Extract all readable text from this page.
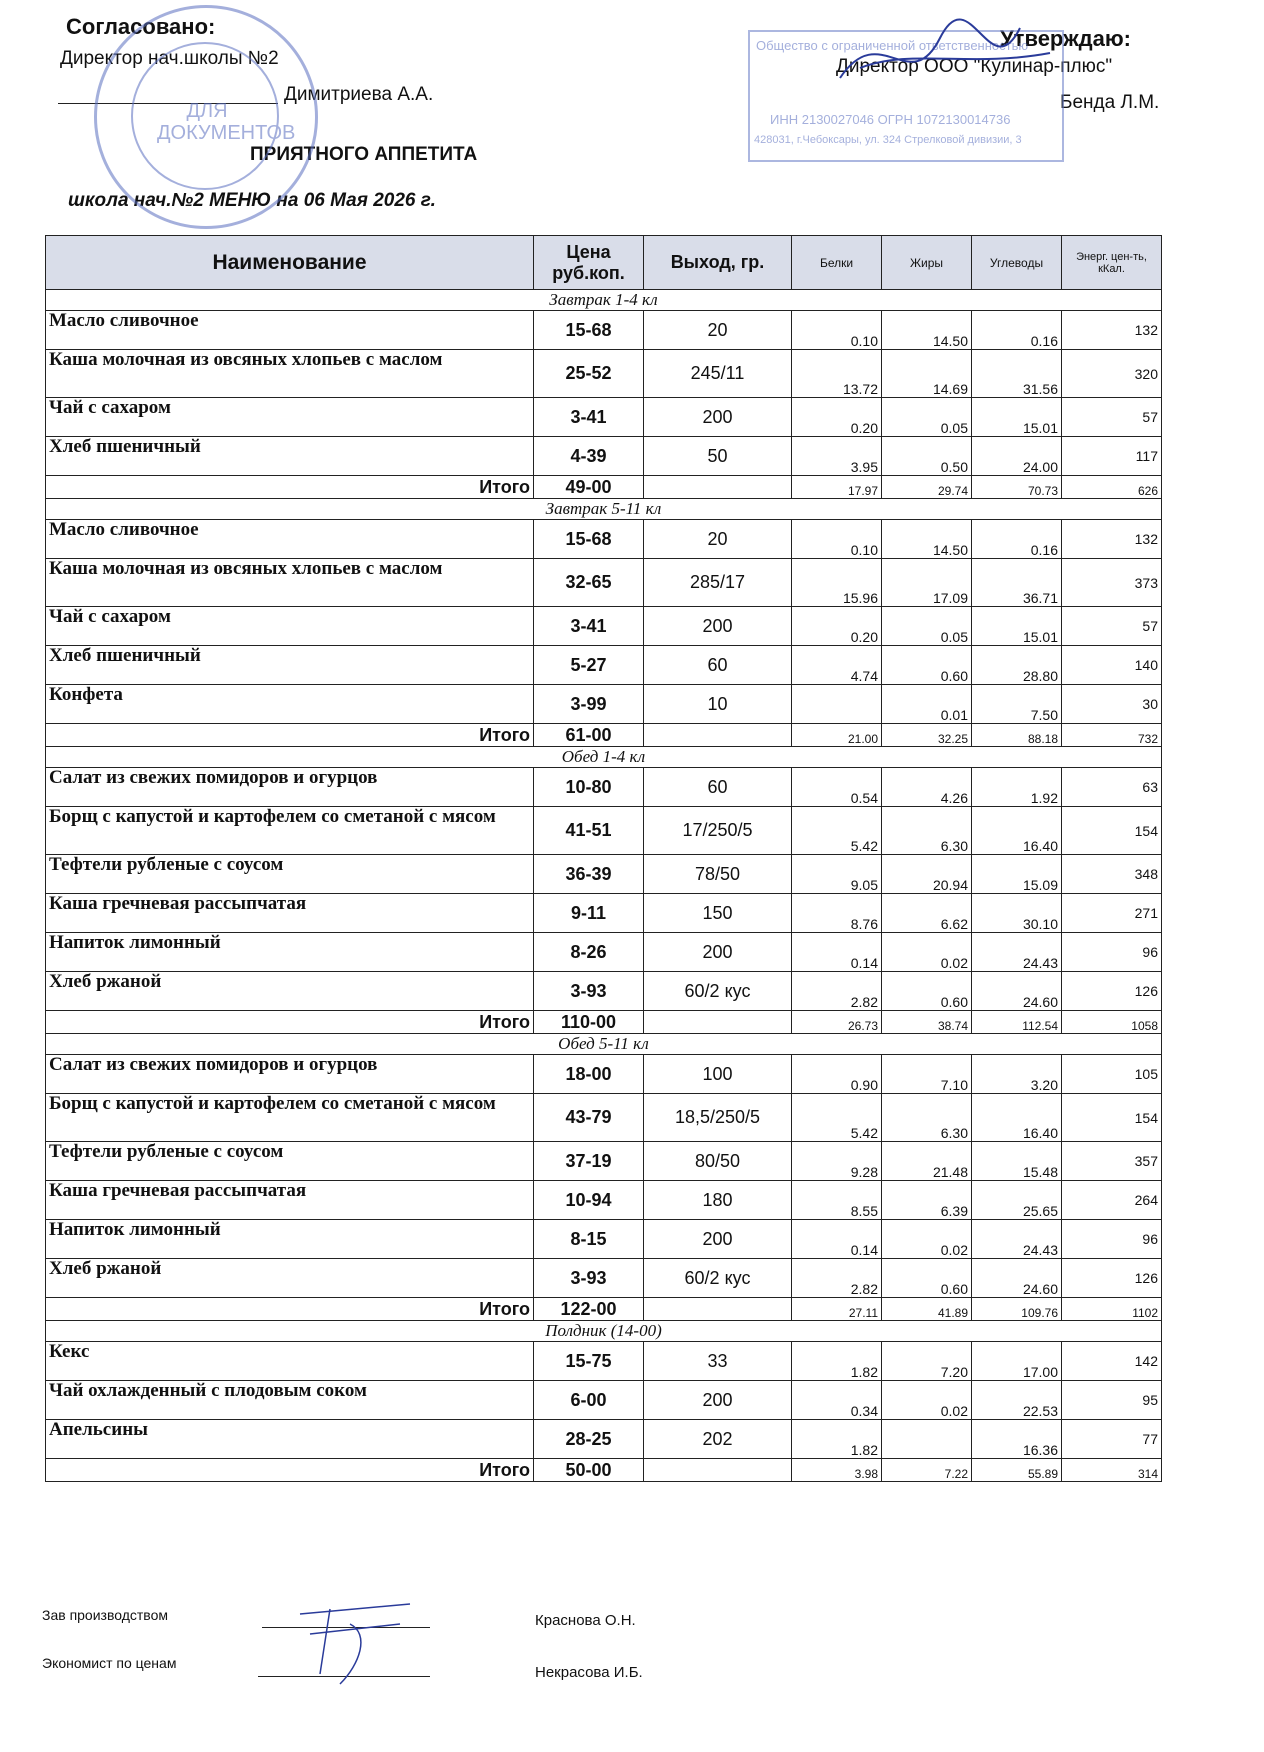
Согласовано:
Директор нач.школы №2
Димитриева А.А.
Утверждаю:
Директор ООО "Кулинар-плюс"
Бенда Л.М.
ПРИЯТНОГО АППЕТИТА
школа нач.№2 МЕНЮ на 06 Мая 2026 г.
ДЛЯ
ДОКУМЕНТОВ
Общество с ограниченной ответственностью
ИНН 2130027046 ОГРН 1072130014736
428031, г.Чебоксары, ул. 324 Стрелковой дивизии, 3
Наименование	Цена руб.коп.	Выход, гр.	Белки	Жиры	Углеводы	Энерг. цен-ть, кКал.
Завтрак 1-4 кл						
Масло сливочное	15-68	20	0.10	14.50	0.16	132
Каша молочная из овсяных хлопьев с маслом	25-52	245/11	13.72	14.69	31.56	320
Чай с сахаром	3-41	200	0.20	0.05	15.01	57
Хлеб пшеничный	4-39	50	3.95	0.50	24.00	117
Итого	49-00		17.97	29.74	70.73	626
Завтрак 5-11 кл						
Масло сливочное	15-68	20	0.10	14.50	0.16	132
Каша молочная из овсяных хлопьев с маслом	32-65	285/17	15.96	17.09	36.71	373
Чай с сахаром	3-41	200	0.20	0.05	15.01	57
Хлеб пшеничный	5-27	60	4.74	0.60	28.80	140
Конфета	3-99	10		0.01	7.50	30
Итого	61-00		21.00	32.25	88.18	732
Обед 1-4 кл						
Салат из свежих помидоров и огурцов	10-80	60	0.54	4.26	1.92	63
Борщ с капустой и картофелем со сметаной с мясом	41-51	17/250/5	5.42	6.30	16.40	154
Тефтели рубленые с соусом	36-39	78/50	9.05	20.94	15.09	348
Каша гречневая рассыпчатая	9-11	150	8.76	6.62	30.10	271
Напиток лимонный	8-26	200	0.14	0.02	24.43	96
Хлеб ржаной	3-93	60/2 кус	2.82	0.60	24.60	126
Итого	110-00		26.73	38.74	112.54	1058
Обед 5-11 кл						
Салат из свежих помидоров и огурцов	18-00	100	0.90	7.10	3.20	105
Борщ с капустой и картофелем со сметаной с мясом	43-79	18,5/250/5	5.42	6.30	16.40	154
Тефтели рубленые с соусом	37-19	80/50	9.28	21.48	15.48	357
Каша гречневая рассыпчатая	10-94	180	8.55	6.39	25.65	264
Напиток лимонный	8-15	200	0.14	0.02	24.43	96
Хлеб ржаной	3-93	60/2 кус	2.82	0.60	24.60	126
Итого	122-00		27.11	41.89	109.76	1102
Полдник (14-00)						
Кекс	15-75	33	1.82	7.20	17.00	142
Чай охлажденный с плодовым соком	6-00	200	0.34	0.02	22.53	95
Апельсины	28-25	202	1.82		16.36	77
Итого	50-00		3.98	7.22	55.89	314
Зав производством	Краснова О.Н.
Экономист по ценам
Некрасова И.Б.
